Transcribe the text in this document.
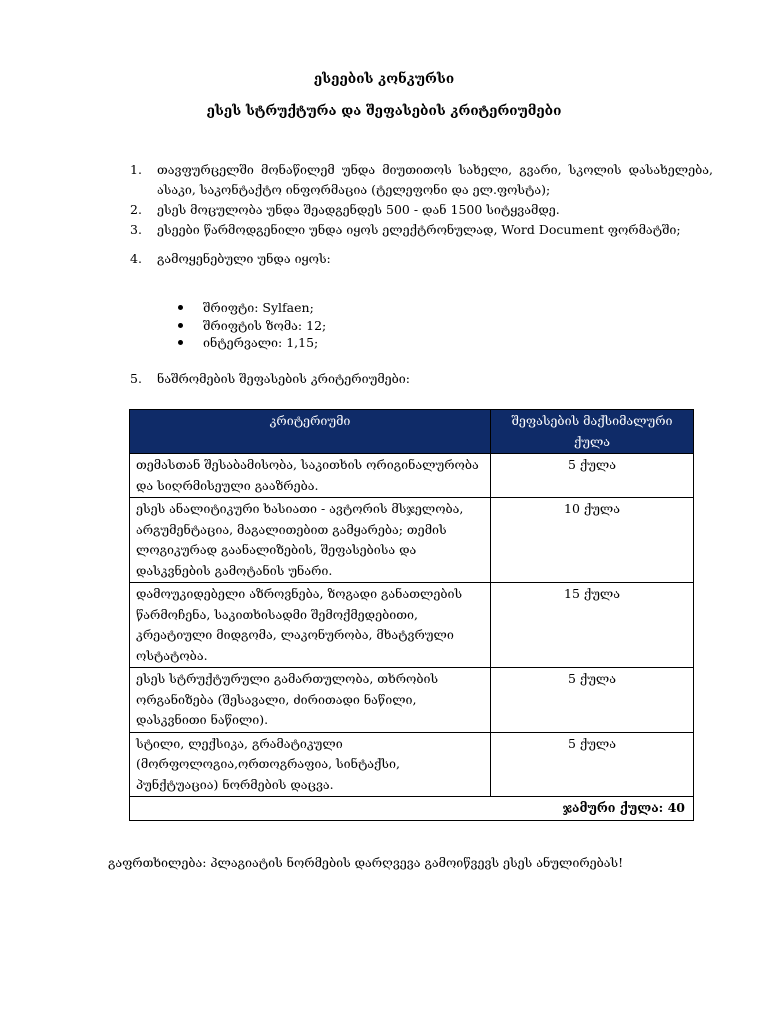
ესეების კონკურსი
ესეს სტრუქტურა და შეფასების კრიტერიუმები
1. თავფურცელში მონაწილემ უნდა მიუთითოს სახელი, გვარი, სკოლის დასახელება, ასაკი, საკონტაქტო ინფორმაცია (ტელეფონი და ელ.ფოსტა);
2. ესეს მოცულობა უნდა შეადგენდეს 500 - დან 1500 სიტყვამდე.
3. ესეები წარმოდგენილი უნდა იყოს ელექტრონულად, Word Document ფორმატში;
4. გამოყენებული უნდა იყოს:
შრიფტი: Sylfaen;
შრიფტის ზომა: 12;
ინტერვალი: 1,15;
5.	ნაშრომების შეფასების კრიტერიუმები:
კრიტერიუმი	შეფასების მაქსიმალური ქულა
თემასთან შესაბამისობა, საკითხის ორიგინალურობა და სიღრმისეული გააზრება.	5 ქულა
ესეს ანალიტიკური ხასიათი - ავტორის მსჯელობა, არგუმენტაცია, მაგალითებით გამყარება; თემის ლოგიკურად გაანალიზების, შეფასებისა და დასკვნების გამოტანის უნარი.	10 ქულა
დამოუკიდებელი აზროვნება, ზოგადი განათლების წარმოჩენა, საკითხისადმი შემოქმედებითი, კრეატიული მიდგომა, ლაკონურობა, მხატვრული ოსტატობა.	15 ქულა
ესეს სტრუქტურული გამართულობა, თხრობის ორგანიზება (შესავალი, ძირითადი ნაწილი, დასკვნითი ნაწილი).	5 ქულა
სტილი, ლექსიკა, გრამატიკული (მორფოლოგია,ორთოგრაფია, სინტაქსი, პუნქტუაცია) ნორმების დაცვა.	5 ქულა
ჯამური ქულა: 40	
გაფრთხილება: პლაგიატის ნორმების დარღვევა გამოიწვევს ესეს ანულირებას!
